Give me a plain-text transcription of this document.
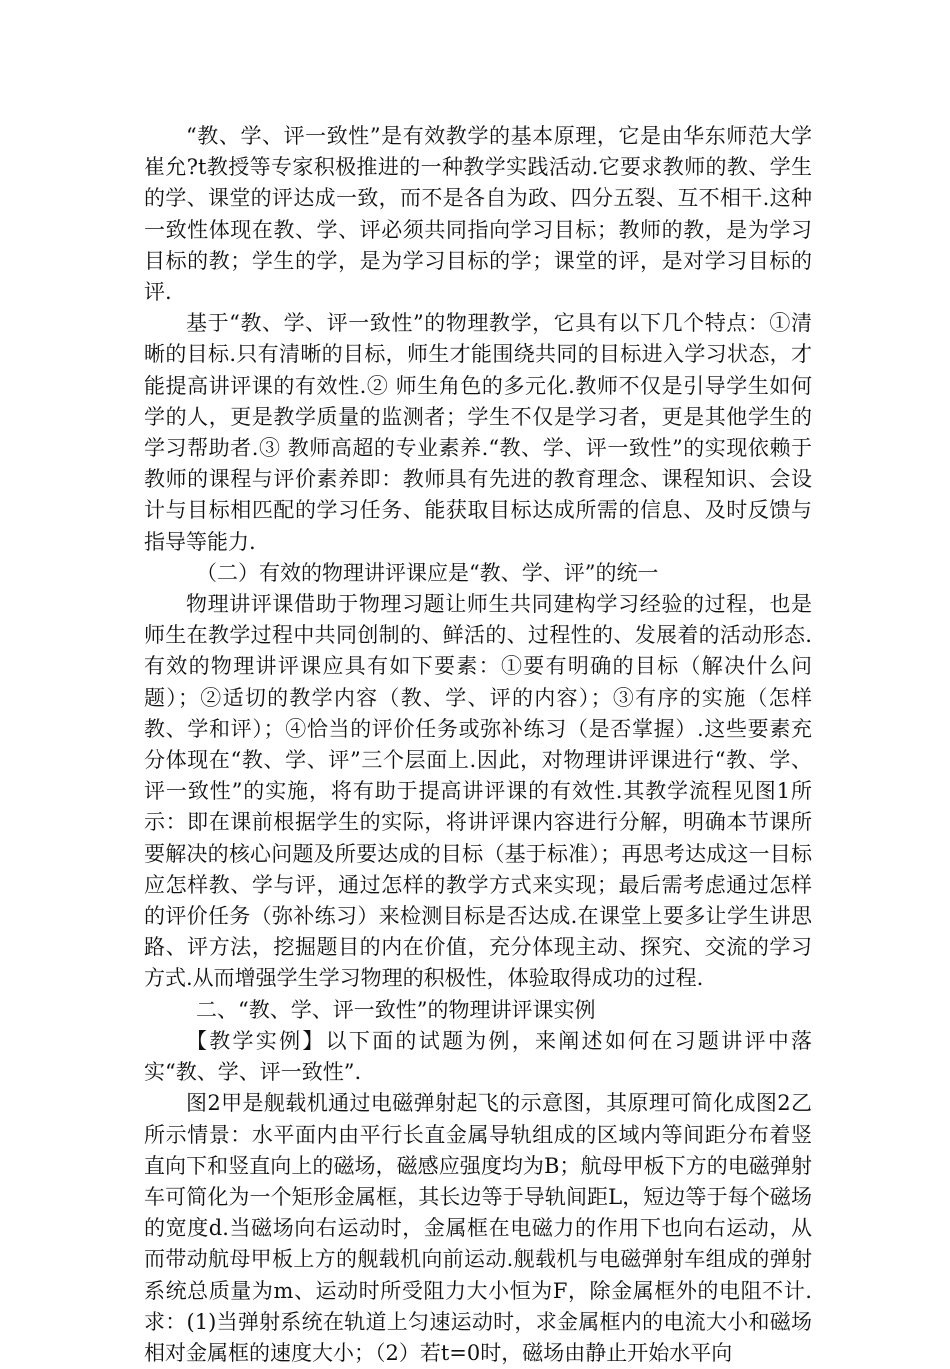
“教、学、评一致性”是有效教学的基本原理，它是由华东师范大学崔允?t教授等专家积极推进的一种教学实践活动.它要求教师的教、学生的学、课堂的评达成一致，而不是各自为政、四分五裂、互不相干.这种一致性体现在教、学、评必须共同指向学习目标；教师的教，是为学习目标的教；学生的学，是为学习目标的学；课堂的评，是对学习目标的评.

基于“教、学、评一致性”的物理教学，它具有以下几个特点：①清晰的目标.只有清晰的目标，师生才能围绕共同的目标进入学习状态，才能提高讲评课的有效性.② 师生角色的多元化.教师不仅是引导学生如何学的人，更是教学质量的监测者；学生不仅是学习者，更是其他学生的学习帮助者.③ 教师高超的专业素养.“教、学、评一致性”的实现依赖于教师的课程与评价素养即：教师具有先进的教育理念、课程知识、会设计与目标相匹配的学习任务、能获取目标达成所需的信息、及时反馈与指导等能力.

（二）有效的物理讲评课应是“教、学、评”的统一

物理讲评课借助于物理习题让师生共同建构学习经验的过程，也是师生在教学过程中共同创制的、鲜活的、过程性的、发展着的活动形态.有效的物理讲评课应具有如下要素：①要有明确的目标（解决什么问题）；②适切的教学内容（教、学、评的内容）；③有序的实施（怎样教、学和评）；④恰当的评价任务或弥补练习（是否掌握）.这些要素充分体现在“教、学、评”三个层面上.因此，对物理讲评课进行“教、学、评一致性”的实施，将有助于提高讲评课的有效性.其教学流程见图1所示：即在课前根据学生的实际，将讲评课内容进行分解，明确本节课所要解决的核心问题及所要达成的目标（基于标准）；再思考达成这一目标应怎样教、学与评，通过怎样的教学方式来实现；最后需考虑通过怎样的评价任务（弥补练习）来检测目标是否达成.在课堂上要多让学生讲思路、评方法，挖掘题目的内在价值，充分体现主动、探究、交流的学习方式.从而增强学生学习物理的积极性，体验取得成功的过程.

二、“教、学、评一致性”的物理讲评课实例

【教学实例】以下面的试题为例，来阐述如何在习题讲评中落实“教、学、评一致性”.

图2甲是舰载机通过电磁弹射起飞的示意图，其原理可简化成图2乙所示情景：水平面内由平行长直金属导轨组成的区域内等间距分布着竖直向下和竖直向上的磁场，磁感应强度均为B；航母甲板下方的电磁弹射车可简化为一个矩形金属框，其长边等于导轨间距L，短边等于每个磁场的宽度d.当磁场向右运动时，金属框在电磁力的作用下也向右运动，从而带动航母甲板上方的舰载机向前运动.舰载机与电磁弹射车组成的弹射系统总质量为m、运动时所受阻力大小恒为F，除金属框外的电阻不计.求：(1)当弹射系统在轨道上匀速运动时，求金属框内的电流大小和磁场相对金属框的速度大小；（2）若t=0时，磁场由静止开始水平向
